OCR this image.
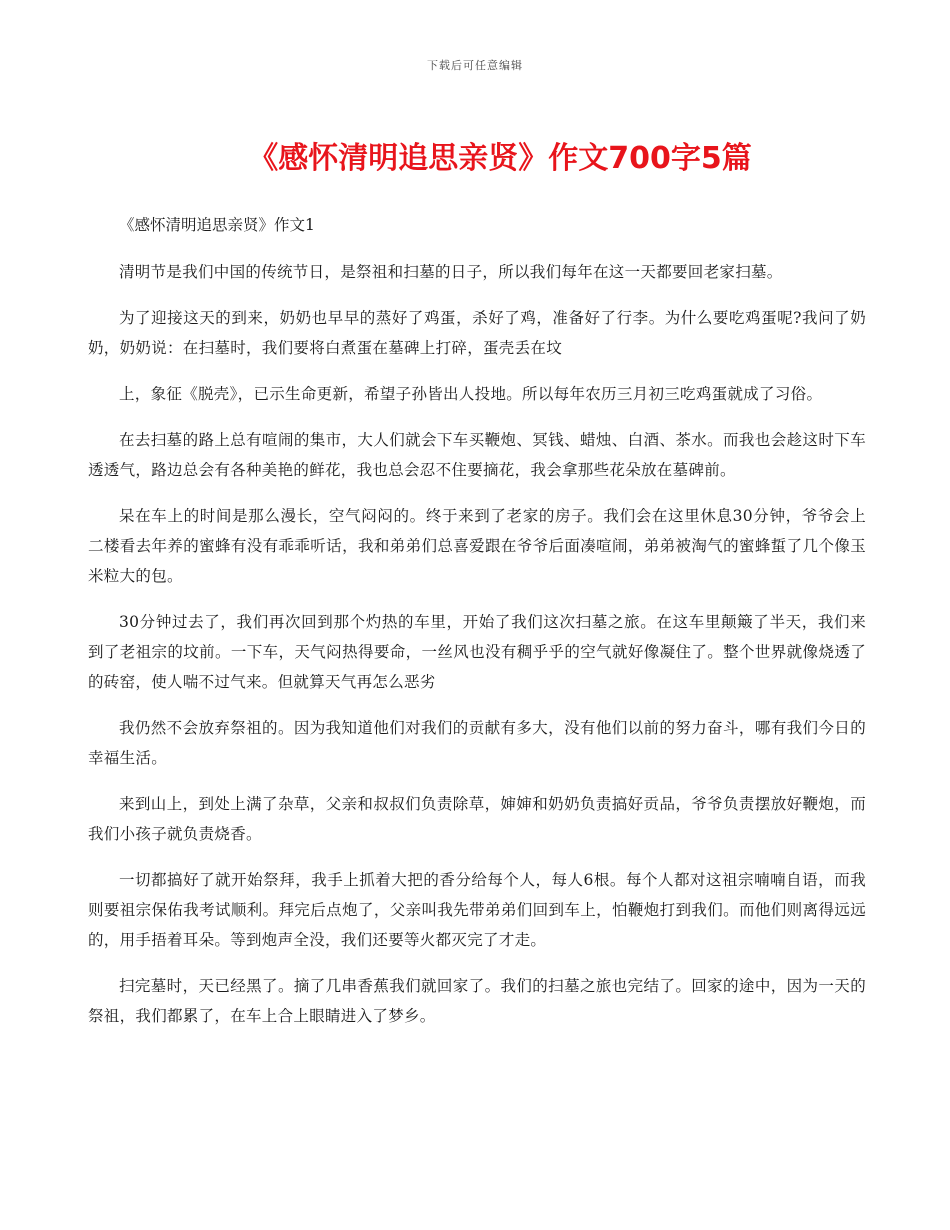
下载后可任意编辑
《感怀清明追思亲贤》作文700字5篇

《感怀清明追思亲贤》作文1

清明节是我们中国的传统节日，是祭祖和扫墓的日子，所以我们每年在这一天都要回老家扫墓。

为了迎接这天的到来，奶奶也早早的蒸好了鸡蛋，杀好了鸡，准备好了行李。为什么要吃鸡蛋呢?我问了奶奶，奶奶说：在扫墓时，我们要将白煮蛋在墓碑上打碎，蛋壳丢在坟

上，象征《脱壳》，已示生命更新，希望子孙皆出人投地。所以每年农历三月初三吃鸡蛋就成了习俗。

在去扫墓的路上总有喧闹的集市，大人们就会下车买鞭炮、冥钱、蜡烛、白酒、茶水。而我也会趁这时下车透透气，路边总会有各种美艳的鲜花，我也总会忍不住要摘花，我会拿那些花朵放在墓碑前。

呆在车上的时间是那么漫长，空气闷闷的。终于来到了老家的房子。我们会在这里休息30分钟，爷爷会上二楼看去年养的蜜蜂有没有乖乖听话，我和弟弟们总喜爱跟在爷爷后面凑喧闹，弟弟被淘气的蜜蜂蜇了几个像玉米粒大的包。

30分钟过去了，我们再次回到那个灼热的车里，开始了我们这次扫墓之旅。在这车里颠簸了半天，我们来到了老祖宗的坟前。一下车，天气闷热得要命，一丝风也没有稠乎乎的空气就好像凝住了。整个世界就像烧透了的砖窑，使人喘不过气来。但就算天气再怎么恶劣

我仍然不会放弃祭祖的。因为我知道他们对我们的贡献有多大，没有他们以前的努力奋斗，哪有我们今日的幸福生活。

来到山上，到处上满了杂草，父亲和叔叔们负责除草，婶婶和奶奶负责搞好贡品，爷爷负责摆放好鞭炮，而我们小孩子就负责烧香。

一切都搞好了就开始祭拜，我手上抓着大把的香分给每个人，每人6根。每个人都对这祖宗喃喃自语，而我则要祖宗保佑我考试顺利。拜完后点炮了，父亲叫我先带弟弟们回到车上，怕鞭炮打到我们。而他们则离得远远的，用手捂着耳朵。等到炮声全没，我们还要等火都灭完了才走。

扫完墓时，天已经黑了。摘了几串香蕉我们就回家了。我们的扫墓之旅也完结了。回家的途中，因为一天的祭祖，我们都累了，在车上合上眼睛进入了梦乡。
